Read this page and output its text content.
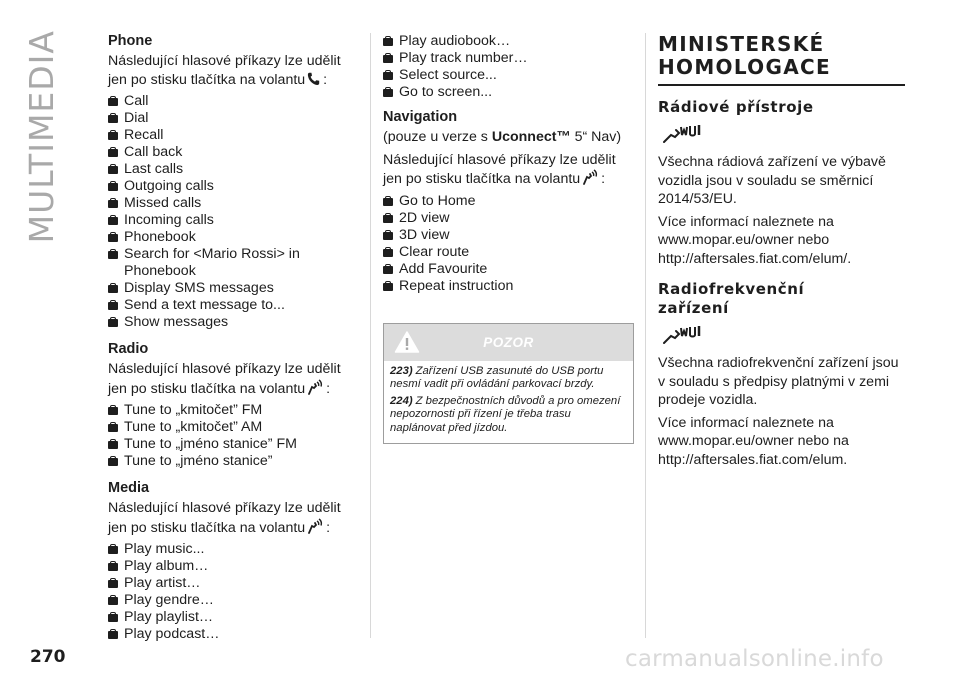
MULTIMEDIA	Phone

Následující hlasové příkazy lze udělit jen po stisku tlačítka na volantu :

Call
Dial
Recall
Call back
Last calls
Outgoing calls
Missed calls
Incoming calls
Phonebook
Search for <Mario Rossi> in Phonebook
Display SMS messages
Send a text message to...
Show messages
Radio

Následující hlasové příkazy lze udělit jen po stisku tlačítka na volantu :

Tune to „kmitočet” FM
Tune to „kmitočet” AM
Tune to „jméno stanice” FM
Tune to „jméno stanice”
Media

Následující hlasové příkazy lze udělit jen po stisku tlačítka na volantu :

Play music...
Play album…
Play artist…
Play gendre…
Play playlist…
Play podcast…
Play audiobook…
Play track number…
Select source...
Go to screen...
Navigation

(pouze u verze s Uconnect™ 5“ Nav)

Následující hlasové příkazy lze udělit jen po stisku tlačítka na volantu :

Go to Home
2D view
3D view
Clear route
Add Favourite
Repeat instruction
POZOR
223) Zařízení USB zasunuté do USB portu nesmí vadit při ovládání parkovací brzdy.
224) Z bezpečnostních důvodů a pro omezení nepozornosti při řízení je třeba trasu naplánovat před jízdou.
MINISTERSKÉ
HOMOLOGACE
Rádiové přístroje

Všechna rádiová zařízení ve výbavě vozidla jsou v souladu se směrnicí 2014/53/EU.

Více informací naleznete na www.mopar.eu/owner nebo http://aftersales.fiat.com/elum/.

Radiofrekvenční
zařízení

Všechna radiofrekvenční zařízení jsou v souladu s předpisy platnými v zemi prodeje vozidla.

Více informací naleznete na www.mopar.eu/owner nebo na http://aftersales.fiat.com/elum.

270	carmanualsonline.info
